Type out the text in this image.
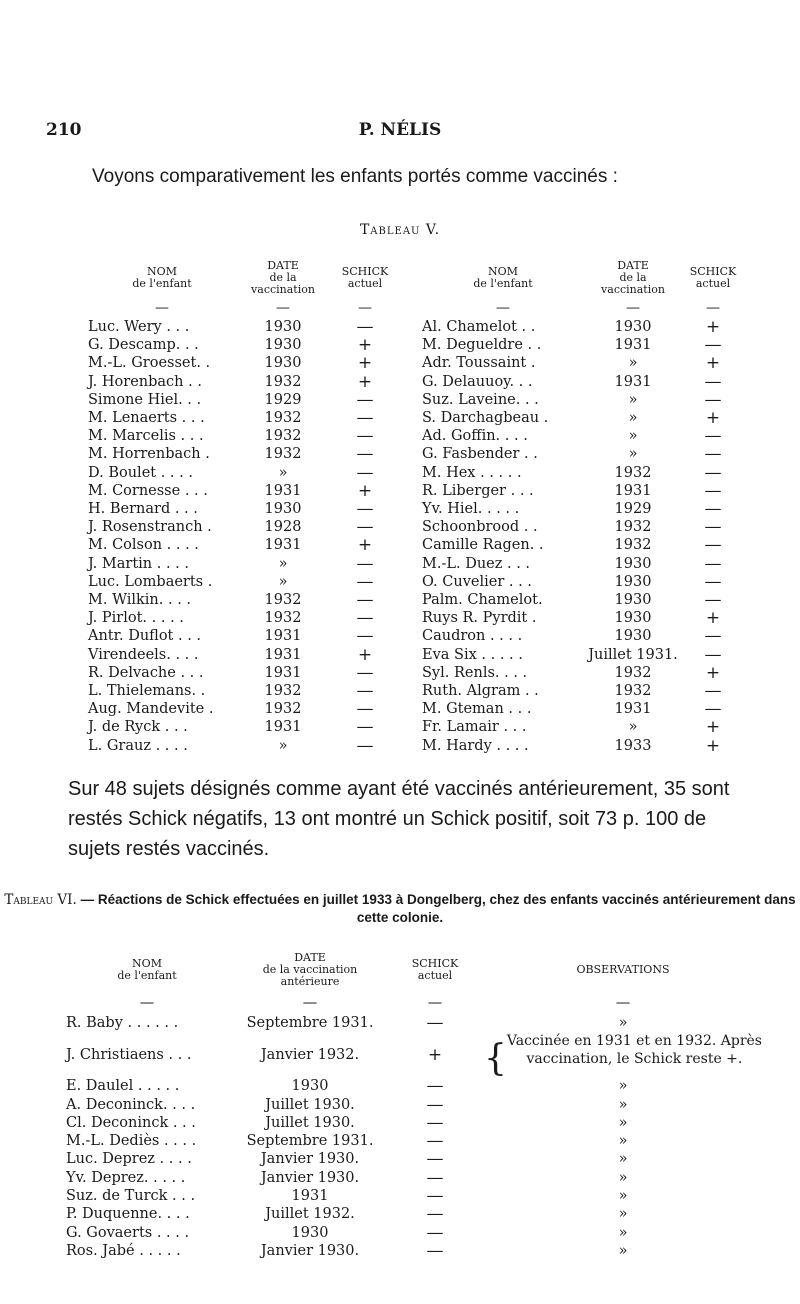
210	P. NÉLIS
Voyons comparativement les enfants portés comme vaccinés :
Tableau V.
NOM
de l'enfant	DATE
de la
vaccination	SCHICK
actuel		NOM
de l'enfant	DATE
de la
vaccination	SCHICK
actuel
—	—	—		—	—	—
Luc. Wery . . .	1930	—		Al. Chamelot . .	1930	+
G. Descamp. . .	1930	+		M. Degueldre . .	1931	—
M.-L. Groesset. .	1930	+		Adr. Toussaint .	»	+
J. Horenbach . .	1932	+		G. Delauuoy. . .	1931	—
Simone Hiel. . .	1929	—		Suz. Laveine. . .	»	—
M. Lenaerts . . .	1932	—		S. Darchagbeau .	»	+
M. Marcelis . . .	1932	—		Ad. Goffin. . . .	»	—
M. Horrenbach .	1932	—		G. Fasbender . .	»	—
D. Boulet . . . .	»	—		M. Hex . . . . .	1932	—
M. Cornesse . . .	1931	+		R. Liberger . . .	1931	—
H. Bernard . . .	1930	—		Yv. Hiel. . . . .	1929	—
J. Rosenstranch .	1928	—		Schoonbrood . .	1932	—
M. Colson . . . .	1931	+		Camille Ragen. .	1932	—
J. Martin . . . .	»	—		M.-L. Duez . . .	1930	—
Luc. Lombaerts .	»	—		O. Cuvelier . . .	1930	—
M. Wilkin. . . .	1932	—		Palm. Chamelot.	1930	—
J. Pirlot. . . . .	1932	—		Ruys R. Pyrdit .	1930	+
Antr. Duflot . . .	1931	—		Caudron . . . .	1930	—
Virendeels. . . .	1931	+		Eva Six . . . . .	Juillet 1931.	—
R. Delvache . . .	1931	—		Syl. Renls. . . .	1932	+
L. Thielemans. .	1932	—		Ruth. Algram . .	1932	—
Aug. Mandevite .	1932	—		M. Gteman . . .	1931	—
J. de Ryck . . .	1931	—		Fr. Lamair . . .	»	+
L. Grauz . . . .	»	—		M. Hardy . . . .	1933	+
Sur 48 sujets désignés comme ayant été vaccinés antérieurement, 35 sont restés Schick négatifs, 13 ont montré un Schick positif, soit 73 p. 100 de sujets restés vaccinés.
Tableau VI. — Réactions de Schick effectuées en juillet 1933 à Dongelberg, chez des enfants vaccinés antérieurement dans cette colonie.
NOM
de l'enfant	DATE
de la vaccination
antérieure	SCHICK
actuel	OBSERVATIONS
—	—	—	—
R. Baby . . . . . .	Septembre 1931.	—	»
J. Christiaens . . .	Janvier 1932.	+	{Vaccinée en 1931 et en 1932. Après
vaccination, le Schick reste +.
E. Daulel . . . . .	1930	—	»
A. Deconinck. . . .	Juillet 1930.	—	»
Cl. Deconinck . . .	Juillet 1930.	—	»
M.-L. Dediès . . . .	Septembre 1931.	—	»
Luc. Deprez . . . .	Janvier 1930.	—	»
Yv. Deprez. . . . .	Janvier 1930.	—	»
Suz. de Turck . . .	1931	—	»
P. Duquenne. . . .	Juillet 1932.	—	»
G. Govaerts . . . .	1930	—	»
Ros. Jabé . . . . .	Janvier 1930.	—	»
